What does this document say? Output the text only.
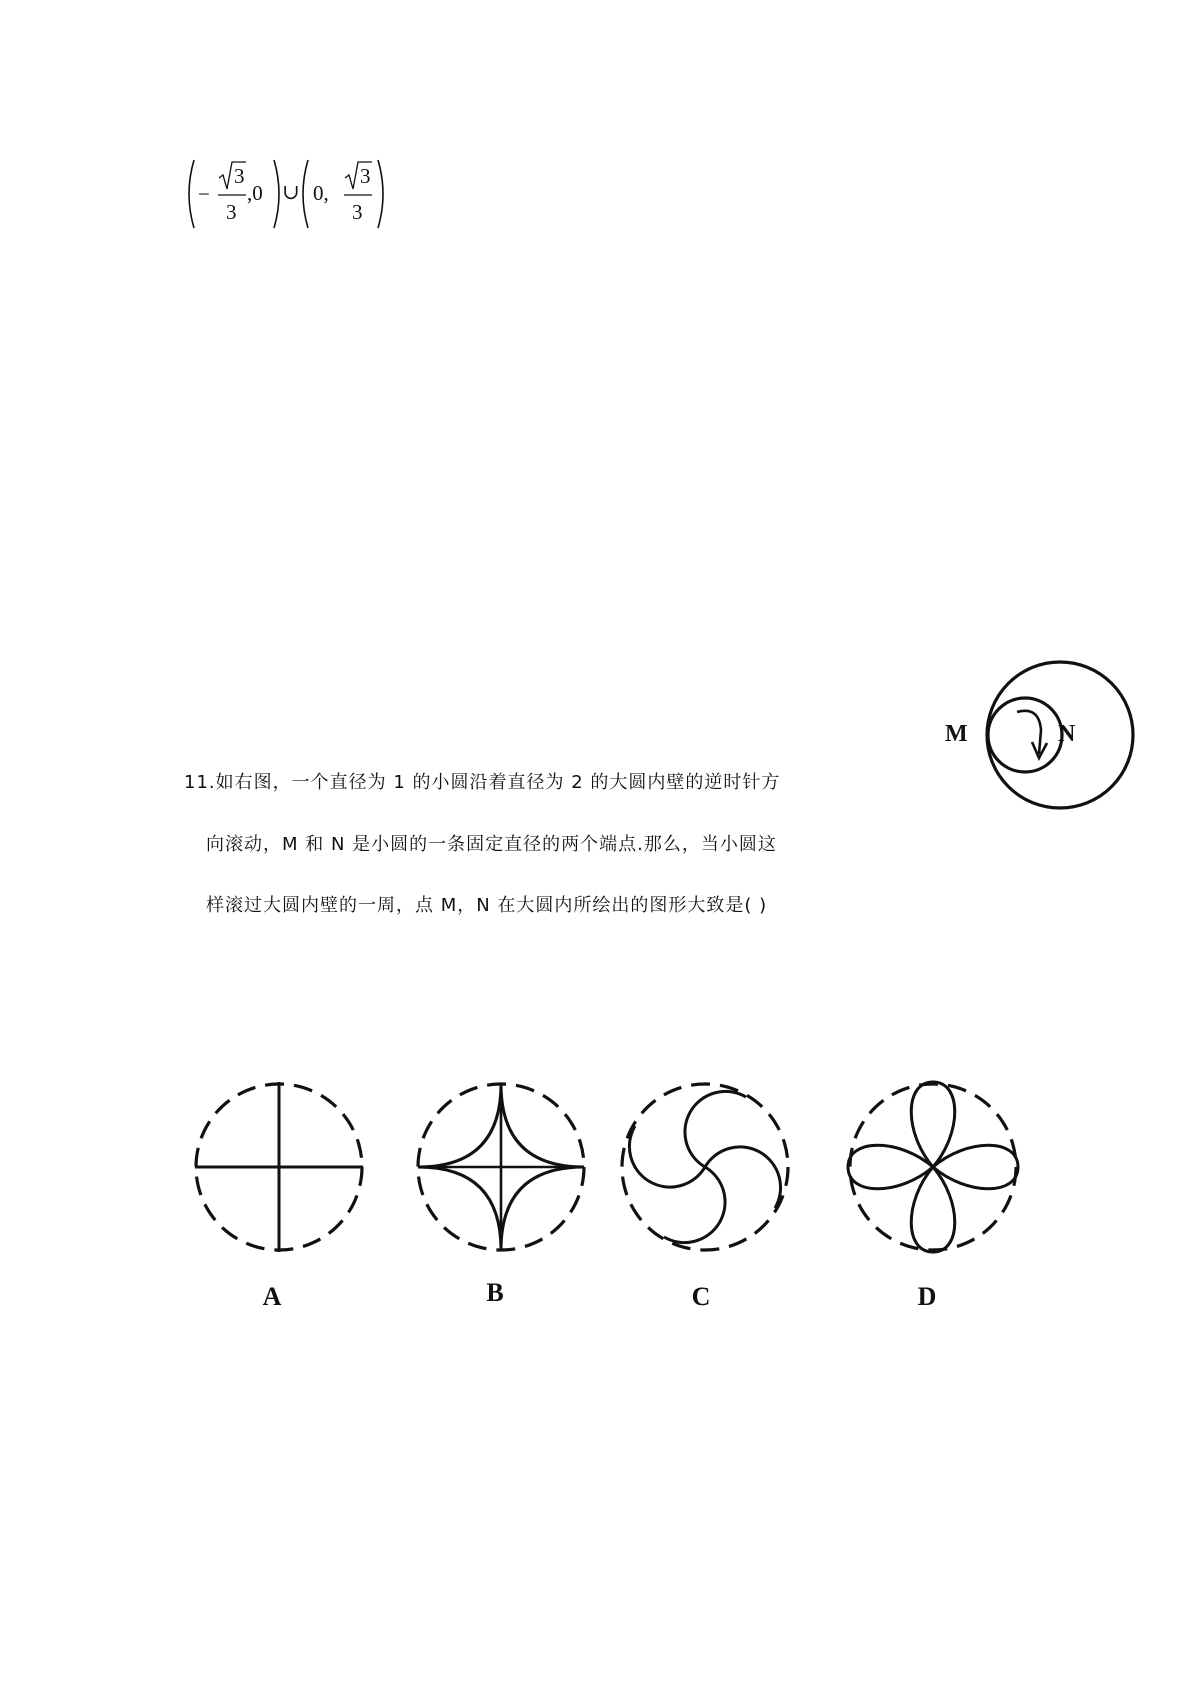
−
3
3
,0 ∪ 0,
3
3
M	N
11.如右图，一个直径为 1 的小圆沿着直径为 2 的大圆内壁的逆时针方
向滚动，M 和 N 是小圆的一条固定直径的两个端点.那么，当小圆这
样滚过大圆内壁的一周，点 M，N 在大圆内所绘出的图形大致是( )
A	B	C	D
